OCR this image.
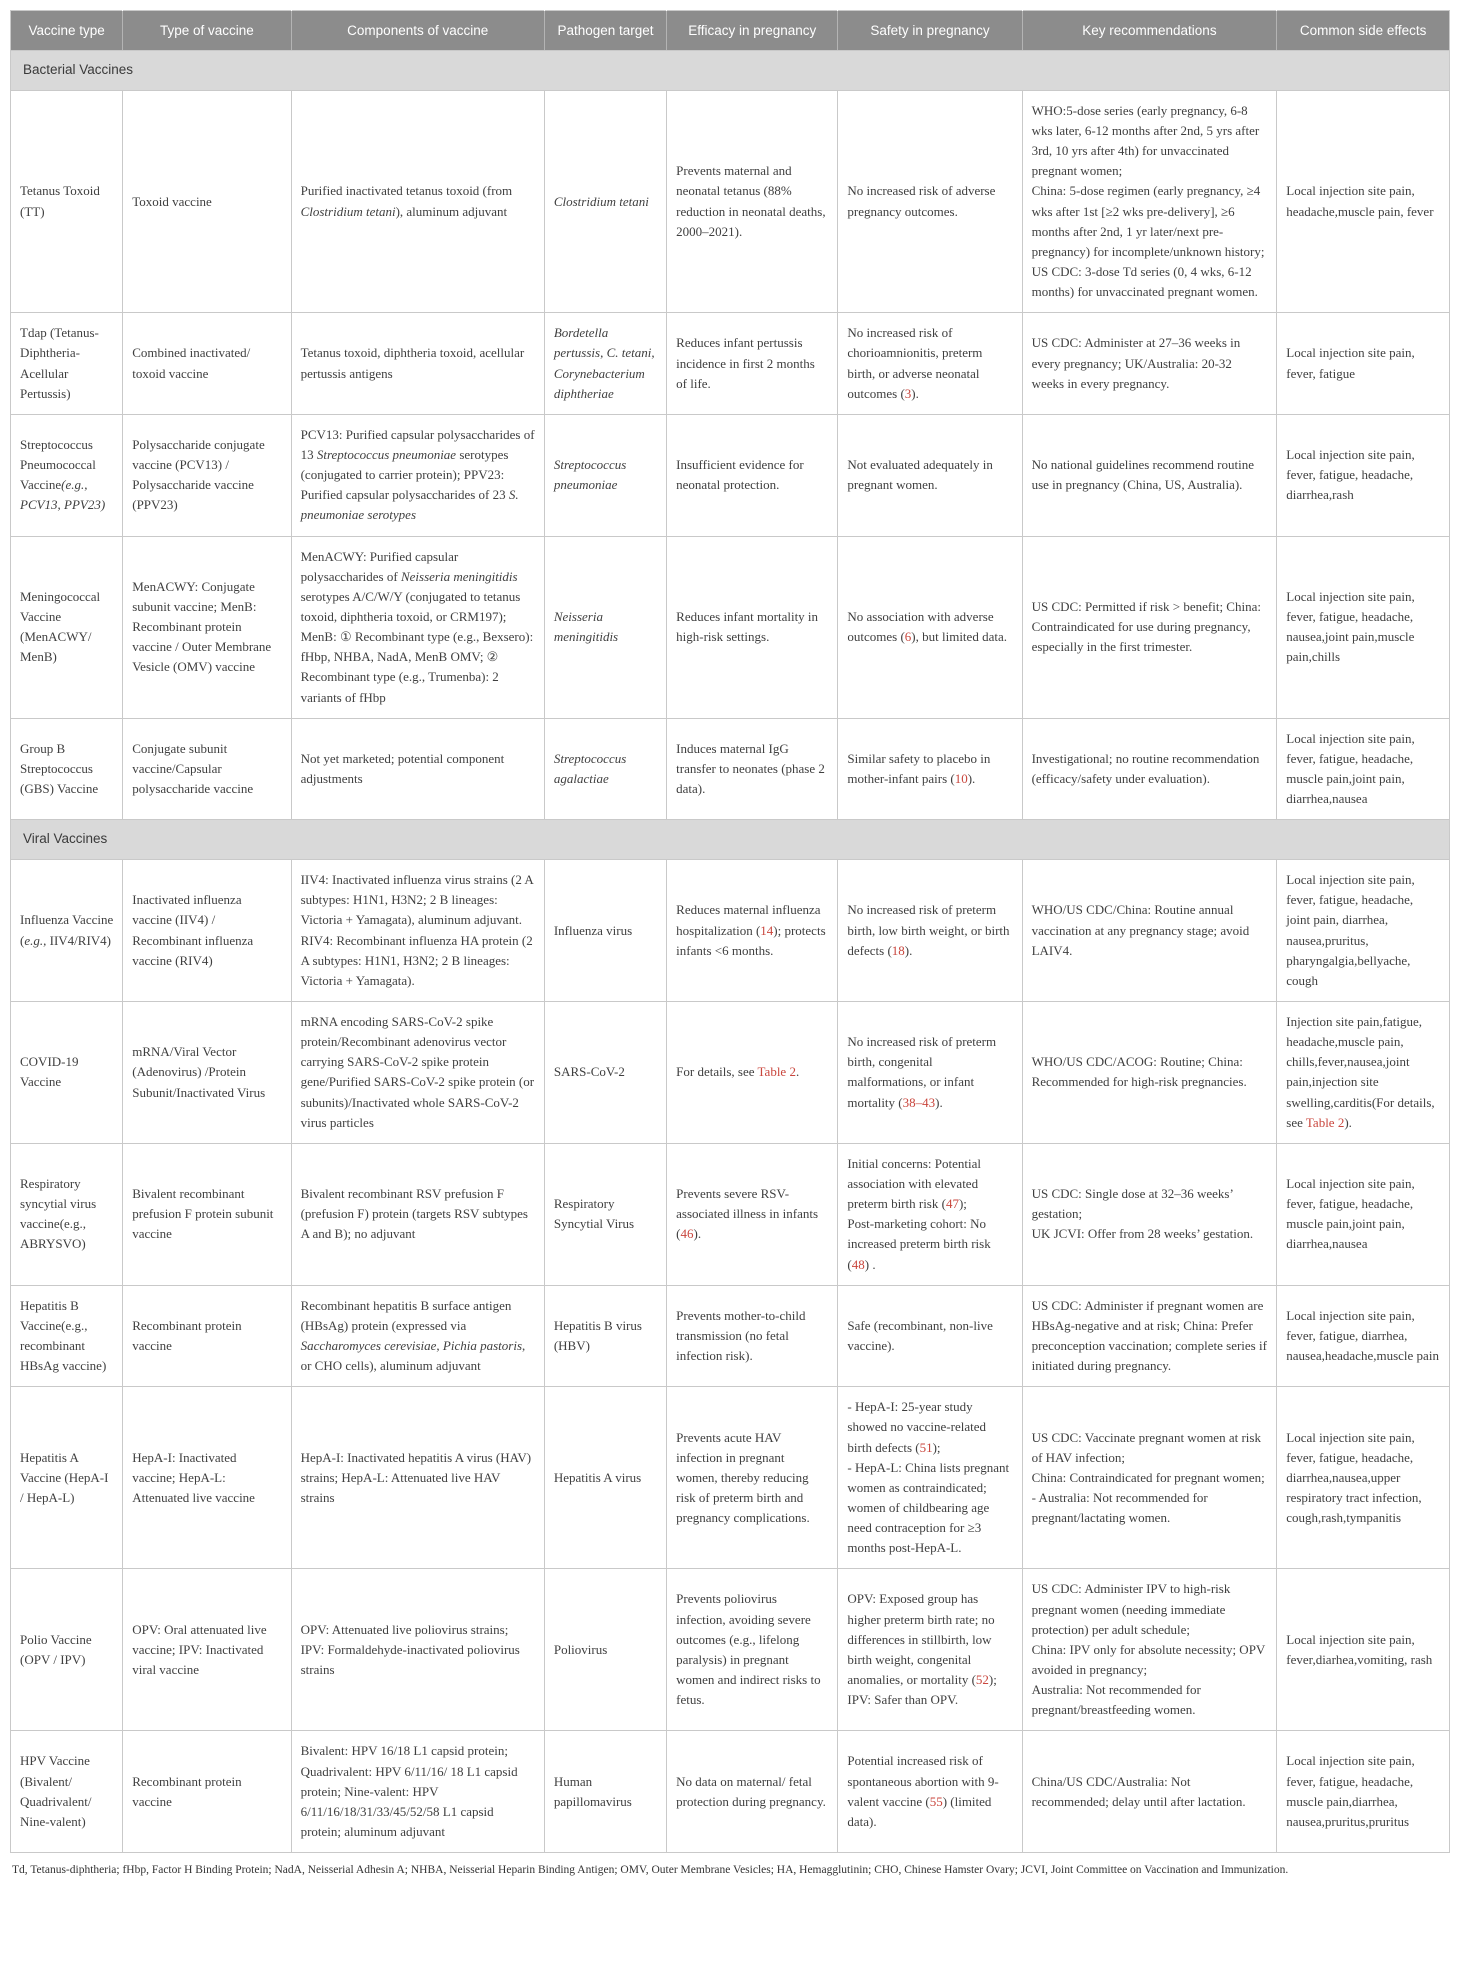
Vaccine type	Type of vaccine	Components of vaccine	Pathogen target	Efficacy in pregnancy	Safety in pregnancy	Key recommendations	Common side effects
Bacterial Vaccines							
Tetanus Toxoid (TT)	Toxoid vaccine	Purified inactivated tetanus toxoid (from Clostridium tetani), aluminum adjuvant	Clostridium tetani	Prevents maternal and neonatal tetanus (88% reduction in neonatal deaths, 2000–2021).	No increased risk of adverse pregnancy outcomes.	WHO:5-dose series (early pregnancy, 6-8 wks later, 6-12 months after 2nd, 5 yrs after 3rd, 10 yrs after 4th) for unvaccinated pregnant women;
China: 5-dose regimen (early pregnancy, ≥4 wks after 1st [≥2 wks pre-delivery], ≥6 months after 2nd, 1 yr later/next pre-pregnancy) for incomplete/unknown history;
US CDC: 3-dose Td series (0, 4 wks, 6-12 months) for unvaccinated pregnant women.	Local injection site pain, headache,muscle pain, fever
Tdap (Tetanus-Diphtheria-Acellular Pertussis)	Combined inactivated/ toxoid vaccine	Tetanus toxoid, diphtheria toxoid, acellular pertussis antigens	Bordetella pertussis, C. tetani, Corynebacterium diphtheriae	Reduces infant pertussis incidence in first 2 months of life.	No increased risk of chorioamnionitis, preterm birth, or adverse neonatal outcomes (3).	US CDC: Administer at 27–36 weeks in every pregnancy; UK/Australia: 20-32 weeks in every pregnancy.	Local injection site pain, fever, fatigue
Streptococcus Pneumococcal Vaccine(e.g., PCV13, PPV23)	Polysaccharide conjugate vaccine (PCV13) / Polysaccharide vaccine (PPV23)	PCV13: Purified capsular polysaccharides of 13 Streptococcus pneumoniae serotypes (conjugated to carrier protein); PPV23: Purified capsular polysaccharides of 23 S. pneumoniae serotypes	Streptococcus pneumoniae	Insufficient evidence for neonatal protection.	Not evaluated adequately in pregnant women.	No national guidelines recommend routine use in pregnancy (China, US, Australia).	Local injection site pain, fever, fatigue, headache, diarrhea,rash
Meningococcal Vaccine (MenACWY/ MenB)	MenACWY: Conjugate subunit vaccine; MenB: Recombinant protein vaccine / Outer Membrane Vesicle (OMV) vaccine	MenACWY: Purified capsular polysaccharides of Neisseria meningitidis serotypes A/C/W/Y (conjugated to tetanus toxoid, diphtheria toxoid, or CRM197); MenB: ① Recombinant type (e.g., Bexsero): fHbp, NHBA, NadA, MenB OMV; ② Recombinant type (e.g., Trumenba): 2 variants of fHbp	Neisseria meningitidis	Reduces infant mortality in high-risk settings.	No association with adverse outcomes (6), but limited data.	US CDC: Permitted if risk > benefit; China: Contraindicated for use during pregnancy, especially in the first trimester.	Local injection site pain, fever, fatigue, headache, nausea,joint pain,muscle pain,chills
Group B Streptococcus (GBS) Vaccine	Conjugate subunit vaccine/Capsular polysaccharide vaccine	Not yet marketed; potential component adjustments	Streptococcus agalactiae	Induces maternal IgG transfer to neonates (phase 2 data).	Similar safety to placebo in mother-infant pairs (10).	Investigational; no routine recommendation (efficacy/safety under evaluation).	Local injection site pain, fever, fatigue, headache, muscle pain,joint pain, diarrhea,nausea
Viral Vaccines							
Influenza Vaccine (e.g., IIV4/RIV4)	Inactivated influenza vaccine (IIV4) / Recombinant influenza vaccine (RIV4)	IIV4: Inactivated influenza virus strains (2 A subtypes: H1N1, H3N2; 2 B lineages: Victoria + Yamagata), aluminum adjuvant.
RIV4: Recombinant influenza HA protein (2 A subtypes: H1N1, H3N2; 2 B lineages: Victoria + Yamagata).	Influenza virus	Reduces maternal influenza hospitalization (14); protects infants <6 months.	No increased risk of preterm birth, low birth weight, or birth defects (18).	WHO/US CDC/China: Routine annual vaccination at any pregnancy stage; avoid LAIV4.	Local injection site pain, fever, fatigue, headache, joint pain, diarrhea, nausea,pruritus, pharyngalgia,bellyache, cough
COVID-19 Vaccine	mRNA/Viral Vector (Adenovirus) /Protein Subunit/Inactivated Virus	mRNA encoding SARS-CoV-2 spike protein/Recombinant adenovirus vector carrying SARS-CoV-2 spike protein gene/Purified SARS-CoV-2 spike protein (or subunits)/Inactivated whole SARS-CoV-2 virus particles	SARS-CoV-2	For details, see Table 2.	No increased risk of preterm birth, congenital malformations, or infant mortality (38–43).	WHO/US CDC/ACOG: Routine; China: Recommended for high-risk pregnancies.	Injection site pain,fatigue, headache,muscle pain, chills,fever,nausea,joint pain,injection site swelling,carditis(For details, see Table 2).
Respiratory syncytial virus vaccine(e.g., ABRYSVO)	Bivalent recombinant prefusion F protein subunit vaccine	Bivalent recombinant RSV prefusion F (prefusion F) protein (targets RSV subtypes A and B); no adjuvant	Respiratory Syncytial Virus	Prevents severe RSV-associated illness in infants (46).	Initial concerns: Potential association with elevated preterm birth risk (47);
Post-marketing cohort: No increased preterm birth risk (48) .	US CDC: Single dose at 32–36 weeks’ gestation;
UK JCVI: Offer from 28 weeks’ gestation.	Local injection site pain, fever, fatigue, headache, muscle pain,joint pain, diarrhea,nausea
Hepatitis B Vaccine(e.g., recombinant HBsAg vaccine)	Recombinant protein vaccine	Recombinant hepatitis B surface antigen (HBsAg) protein (expressed via Saccharomyces cerevisiae, Pichia pastoris, or CHO cells), aluminum adjuvant	Hepatitis B virus (HBV)	Prevents mother-to-child transmission (no fetal infection risk).	Safe (recombinant, non-live vaccine).	US CDC: Administer if pregnant women are HBsAg-negative and at risk; China: Prefer preconception vaccination; complete series if initiated during pregnancy.	Local injection site pain, fever, fatigue, diarrhea, nausea,headache,muscle pain
Hepatitis A Vaccine (HepA-I / HepA-L)	HepA-I: Inactivated vaccine; HepA-L: Attenuated live vaccine	HepA-I: Inactivated hepatitis A virus (HAV) strains; HepA-L: Attenuated live HAV strains	Hepatitis A virus	Prevents acute HAV infection in pregnant women, thereby reducing risk of preterm birth and pregnancy complications.	- HepA-I: 25-year study showed no vaccine-related birth defects (51);
- HepA-L: China lists pregnant women as contraindicated; women of childbearing age need contraception for ≥3 months post-HepA-L.	US CDC: Vaccinate pregnant women at risk of HAV infection;
China: Contraindicated for pregnant women;
- Australia: Not recommended for pregnant/lactating women.	Local injection site pain, fever, fatigue, headache, diarrhea,nausea,upper respiratory tract infection, cough,rash,tympanitis
Polio Vaccine (OPV / IPV)	OPV: Oral attenuated live vaccine; IPV: Inactivated viral vaccine	OPV: Attenuated live poliovirus strains; IPV: Formaldehyde-inactivated poliovirus strains	Poliovirus	Prevents poliovirus infection, avoiding severe outcomes (e.g., lifelong paralysis) in pregnant women and indirect risks to fetus.	OPV: Exposed group has higher preterm birth rate; no differences in stillbirth, low birth weight, congenital anomalies, or mortality (52);
IPV: Safer than OPV.	US CDC: Administer IPV to high-risk pregnant women (needing immediate protection) per adult schedule;
China: IPV only for absolute necessity; OPV avoided in pregnancy;
Australia: Not recommended for pregnant/breastfeeding women.	Local injection site pain, fever,diarhea,vomiting, rash
HPV Vaccine (Bivalent/ Quadrivalent/ Nine-valent)	Recombinant protein vaccine	Bivalent: HPV 16/18 L1 capsid protein; Quadrivalent: HPV 6/11/16/ 18 L1 capsid protein; Nine-valent: HPV 6/11/16/18/31/33/45/52/58 L1 capsid protein; aluminum adjuvant	Human papillomavirus	No data on maternal/ fetal protection during pregnancy.	Potential increased risk of spontaneous abortion with 9-valent vaccine (55) (limited data).	China/US CDC/Australia: Not recommended; delay until after lactation.	Local injection site pain, fever, fatigue, headache, muscle pain,diarrhea, nausea,pruritus,pruritus
Td, Tetanus-diphtheria; fHbp, Factor H Binding Protein; NadA, Neisserial Adhesin A; NHBA, Neisserial Heparin Binding Antigen; OMV, Outer Membrane Vesicles; HA, Hemagglutinin; CHO, Chinese Hamster Ovary; JCVI, Joint Committee on Vaccination and Immunization.
